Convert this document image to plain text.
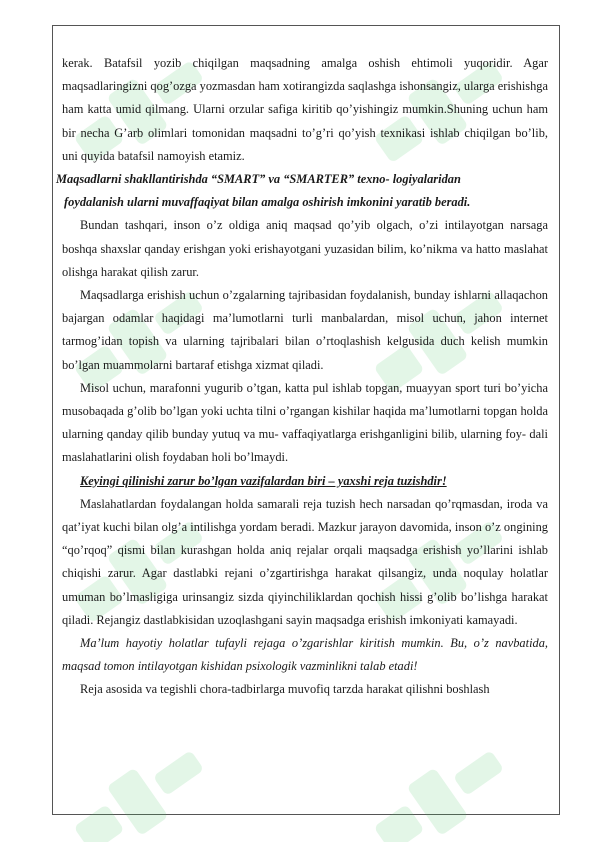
kerak. Batafsil yozib chiqilgan maqsadning amalga oshish ehtimoli yuqoridir. Agar maqsadlaringizni qog’ozga yozmasdan ham xotirangizda saqlashga ishonsangiz, ularga erishishga ham katta umid qilmang. Ularni orzular safiga kiritib qo’yishingiz mumkin.Shuning uchun ham bir necha G’arb olimlari tomonidan maqsadni to’g’ri qo’yish texnikasi ishlab chiqilgan bo’lib, uni quyida batafsil namoyish etamiz.

Maqsadlarni shakllantirishda “SMART” va “SMARTER” texno- logiyalaridan
foydalanish ularni muvaffaqiyat bilan amalga oshirish imkonini yaratib beradi.

Bundan tashqari, inson o’z oldiga aniq maqsad qo’yib olgach, o’zi intilayotgan narsaga boshqa shaxslar qanday erishgan yoki erishayotgani yuzasidan bilim, ko’nikma va hatto maslahat olishga harakat qilish zarur.

Maqsadlarga erishish uchun o’zgalarning tajribasidan foydalanish, bunday ishlarni allaqachon bajargan odamlar haqidagi ma’lumotlarni turli manbalardan, misol uchun, jahon internet tarmog’idan topish va ularning tajribalari bilan o’rtoqlashish kelgusida duch kelish mumkin bo’lgan muammolarni bartaraf etishga xizmat qiladi.

Misol uchun, marafonni yugurib o’tgan, katta pul ishlab topgan, muayyan sport turi bo’yicha musobaqada g’olib bo’lgan yoki uchta tilni o’rgangan kishilar haqida ma’lumotlarni topgan holda ularning qanday qilib bunday yutuq va mu- vaffaqiyatlarga erishganligini bilib, ularning foy- dali maslahatlarini olish foydaban holi bo’lmaydi.

Keyingi qilinishi zarur bo’lgan vazifalardan biri – yaxshi reja tuzishdir!

Maslahatlardan foydalangan holda samarali reja tuzish hech narsadan qo’rqmasdan, iroda va qat’iyat kuchi bilan olg’a intilishga yordam beradi. Mazkur jarayon davomida, inson o’z ongining “qo’rqoq” qismi bilan kurashgan holda aniq rejalar orqali maqsadga erishish yo’llarini ishlab chiqishi zarur. Agar dastlabki rejani o’zgartirishga harakat qilsangiz, unda noqulay holatlar umuman bo’lmasligiga urinsangiz sizda qiyinchiliklardan qochish hissi g’olib bo’lishga harakat qiladi. Rejangiz dastlabkisidan uzoqlashgani sayin maqsadga erishish imkoniyati kamayadi.

Ma’lum hayotiy holatlar tufayli rejaga o’zgarishlar kiritish mumkin. Bu, o’z navbatida, maqsad tomon intilayotgan kishidan psixologik vazminlikni talab etadi!

Reja asosida va tegishli chora-tadbirlarga muvofiq tarzda harakat qilishni boshlash
